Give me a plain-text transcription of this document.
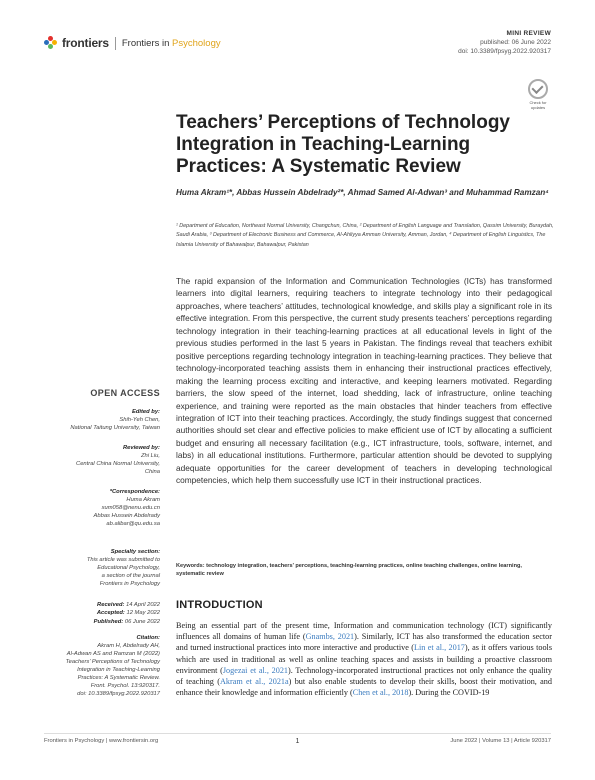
frontiers Frontiers in Psychology
MINI REVIEW
published: 06 June 2022
doi: 10.3389/fpsyg.2022.920317
Check for updates
Teachers’ Perceptions of Technology Integration in Teaching-Learning Practices: A Systematic Review
Huma Akram¹*, Abbas Hussein Abdelrady²*, Ahmad Samed Al-Adwan³ and Muhammad Ramzan⁴
¹ Department of Education, Northeast Normal University, Changchun, China, ² Department of English Language and Translation, Qassim University, Buraydah, Saudi Arabia, ³ Department of Electronic Business and Commerce, Al-Ahliyya Amman University, Amman, Jordan, ⁴ Department of English Linguistics, The Islamia University of Bahawalpur, Bahawalpur, Pakistan

The rapid expansion of the Information and Communication Technologies (ICTs) has transformed learners into digital learners, requiring teachers to integrate technology into their pedagogical approaches, where teachers’ attitudes, technological knowledge, and skills play a significant role in its effective integration. From this perspective, the current study presents teachers’ perceptions regarding technology integration in their teaching-learning practices at all educational levels in light of the previous studies performed in the last 5 years in Pakistan. The findings reveal that teachers exhibit positive perceptions regarding technology integration in teaching-learning practices. They believe that technology-incorporated teaching assists them in enhancing their instructional practices effectively, making the learning process exciting and interactive, and keeping learners motivated. Regarding barriers, the slow speed of the internet, load shedding, lack of infrastructure, online teaching experience, and training were reported as the main obstacles that hinder teachers from effective integration of ICT into their teaching practices. Accordingly, the study findings suggest that concerned authorities should set clear and effective policies to make efficient use of ICT by allocating a sufficient budget and ensuring all necessary facilitation (e.g., ICT infrastructure, tools, software, internet, and labs) in all educational institutions. Furthermore, particular attention should be devoted to supplying adequate opportunities for the career development of teachers in developing technological competencies, which help them successfully use ICT in their instructional practices.

Keywords: technology integration, teachers’ perceptions, teaching-learning practices, online teaching challenges, online learning, systematic review
INTRODUCTION

Being an essential part of the present time, Information and communication technology (ICT) significantly influences all domains of human life (Gnambs, 2021). Similarly, ICT has also transformed the education sector and turned instructional practices into more interactive and productive (Lin et al., 2017), as it offers various tools which are used in traditional as well as online teaching spaces and assists in building a proactive classroom environment (Jogezai et al., 2021). Technology-incorporated instructional practices not only enhance the quality of teaching (Akram et al., 2021a) but also enable students to develop their skills, boost their motivation, and enhance their knowledge and information efficiently (Chen et al., 2018). During the COVID-19

OPEN ACCESS
Edited by:
Shih-Yeh Chen,
National Taitung University, Taiwan
Reviewed by:
Zhi Liu,
Central China Normal University,
China
*Correspondence:
Huma Akram
xum058@nenu.edu.cn
Abbas Hussein Abdelrady
ab.alibar@qu.edu.sa
Specialty section:
This article was submitted to
Educational Psychology,
a section of the journal
Frontiers in Psychology
Received: 14 April 2022
Accepted: 12 May 2022
Published: 06 June 2022
Citation:
Akram H, Abdelrady AH,
Al-Adwan AS and Ramzan M (2022)
Teachers’ Perceptions of Technology
Integration in Teaching-Learning
Practices: A Systematic Review.
Front. Psychol. 13:920317.
doi: 10.3389/fpsyg.2022.920317
Frontiers in Psychology | www.frontiersin.org	1	June 2022 | Volume 13 | Article 920317
